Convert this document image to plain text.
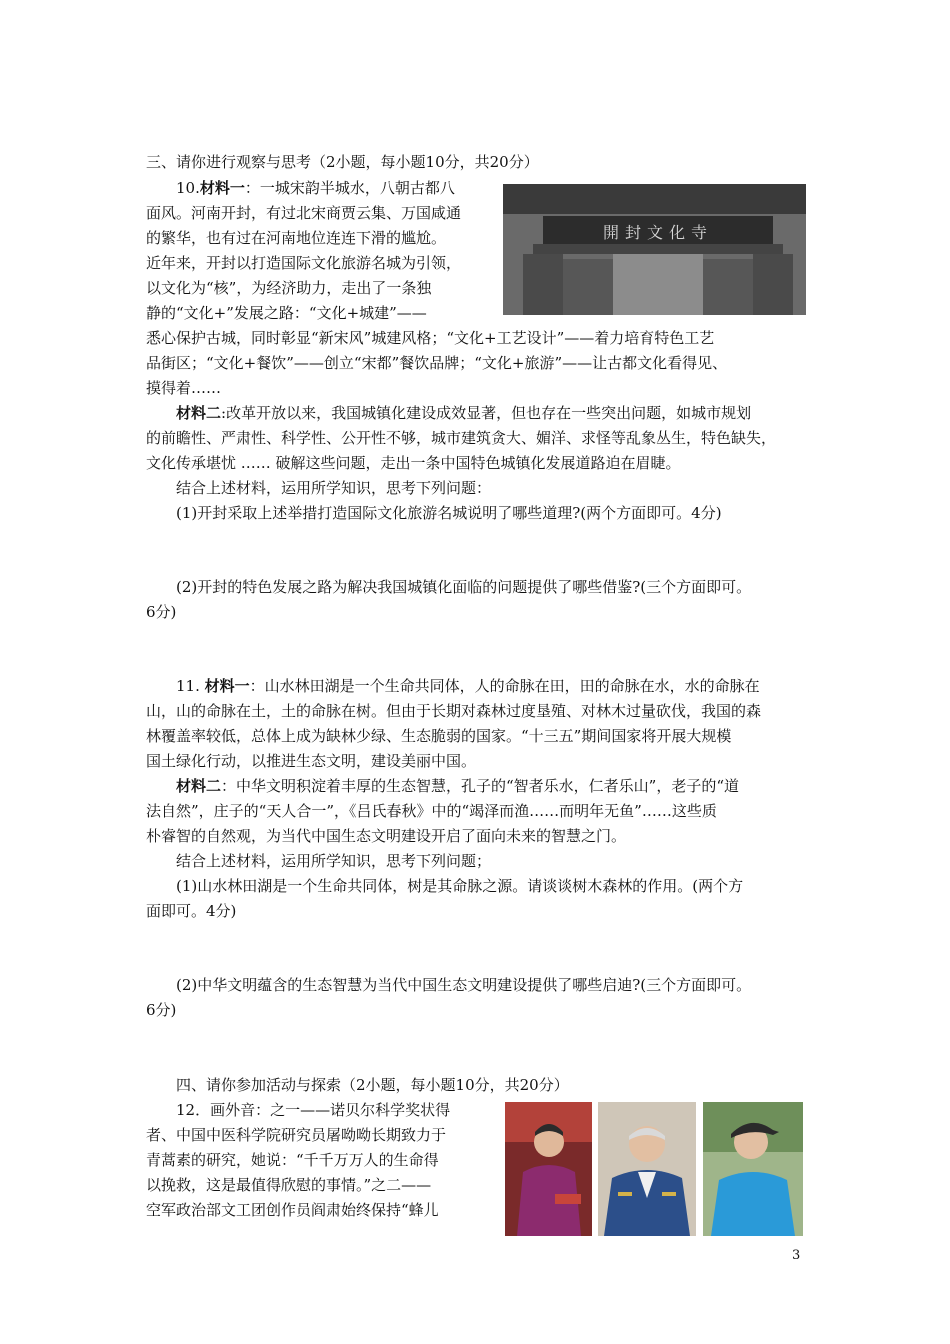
三、请你进行观察与思考（2小题，每小题10分，共20分）
10.材料一：一城宋韵半城水，八朝古都八
面风。河南开封，有过北宋商贾云集、万国咸通
的繁华，也有过在河南地位连连下滑的尴尬。
近年来，开封以打造国际文化旅游名城为引领，
以文化为“核”，为经济助力，走出了一条独
静的“文化+”发展之路：“文化+城建”——
開封文化寺
悉心保护古城，同时彰显“新宋风”城建风格；“文化+工艺设计”——着力培育特色工艺
品街区；“文化+餐饮”——创立“宋都”餐饮品牌；“文化+旅游”——让古都文化看得见、
摸得着……
材料二:改革开放以来，我国城镇化建设成效显著，但也存在一些突出问题，如城市规划
的前瞻性、严肃性、科学性、公开性不够，城市建筑贪大、媚洋、求怪等乱象丛生，特色缺失，
文化传承堪忧 …… 破解这些问题，走出一条中国特色城镇化发展道路迫在眉睫。
结合上述材料，运用所学知识，思考下列问题：
(1)开封采取上述举措打造国际文化旅游名城说明了哪些道理?(两个方面即可。4分)
(2)开封的特色发展之路为解决我国城镇化面临的问题提供了哪些借鉴?(三个方面即可。
6分)
11. 材料一：山水林田湖是一个生命共同体，人的命脉在田，田的命脉在水，水的命脉在
山，山的命脉在土，土的命脉在树。但由于长期对森林过度垦殖、对林木过量砍伐，我国的森
林覆盖率较低，总体上成为缺林少绿、生态脆弱的国家。“十三五”期间国家将开展大规模
国土绿化行动，以推进生态文明，建设美丽中国。
材料二：中华文明积淀着丰厚的生态智慧，孔子的“智者乐水，仁者乐山”，老子的“道
法自然”，庄子的“天人合一”，《吕氏春秋》中的“竭泽而渔……而明年无鱼”……这些质
朴睿智的自然观，为当代中国生态文明建设开启了面向未来的智慧之门。
结合上述材料，运用所学知识，思考下列问题；
(1)山水林田湖是一个生命共同体，树是其命脉之源。请谈谈树木森林的作用。(两个方
面即可。4分)
(2)中华文明蕴含的生态智慧为当代中国生态文明建设提供了哪些启迪?(三个方面即可。
6分)
四、请你参加活动与探索（2小题，每小题10分，共20分）
12．画外音：之一——诺贝尔科学奖状得
者、中国中医科学院研究员屠呦呦长期致力于
青蒿素的研究，她说：“千千万万人的生命得
以挽救，这是最值得欣慰的事情。”之二——
空军政治部文工团创作员阎肃始终保持“蜂儿
3
